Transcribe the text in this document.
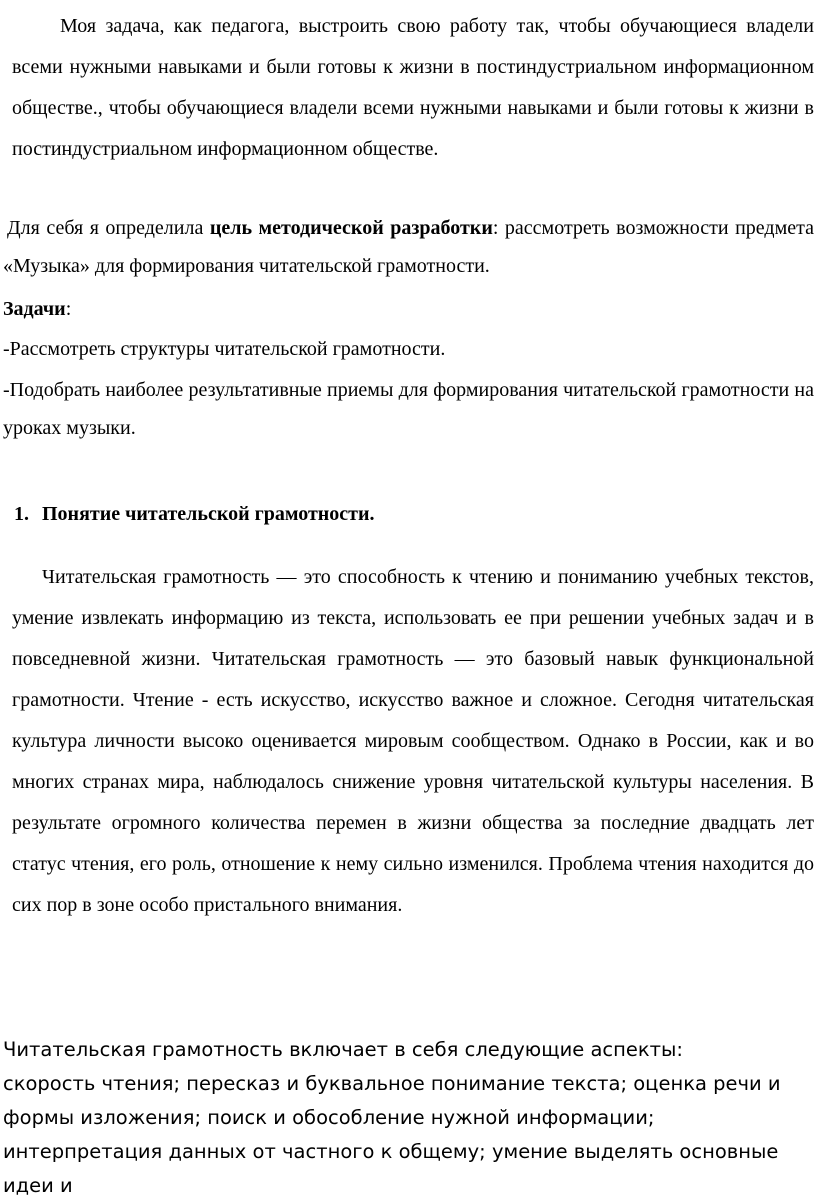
Моя задача, как педагога, выстроить свою работу так, чтобы обучающиеся владели всеми нужными навыками и были готовы к жизни в постиндустриальном информационном обществе., чтобы обучающиеся владели всеми нужными навыками и были готовы к жизни в постиндустриальном информационном обществе.

Для себя я определила цель методической разработки: рассмотреть возможности предмета «Музыка» для формирования читательской грамотности.

Задачи:

-Рассмотреть структуры читательской грамотности.

-Подобрать наиболее результативные приемы для формирования читательской грамотности на уроках музыки.

1. Понятие читательской грамотности.

Читательская грамотность — это способность к чтению и пониманию учебных текстов, умение извлекать информацию из текста, использовать ее при решении учебных задач и в повседневной жизни. Читательская грамотность — это базовый навык функциональной грамотности. Чтение - есть искусство, искусство важное и сложное. Сегодня читательская культура личности высоко оценивается мировым сообществом. Однако в России, как и во многих странах мира, наблюдалось снижение уровня читательской культуры населения. В результате огромного количества перемен в жизни общества за последние двадцать лет статус чтения, его роль, отношение к нему сильно изменился. Проблема чтения находится до сих пор в зоне особо пристального внимания.

Читательская грамотность включает в себя следующие аспекты:
скорость чтения; пересказ и буквальное понимание текста; оценка речи и формы изложения; поиск и обособление нужной информации; интерпретация данных от частного к общему; умение выделять основные идеи и
